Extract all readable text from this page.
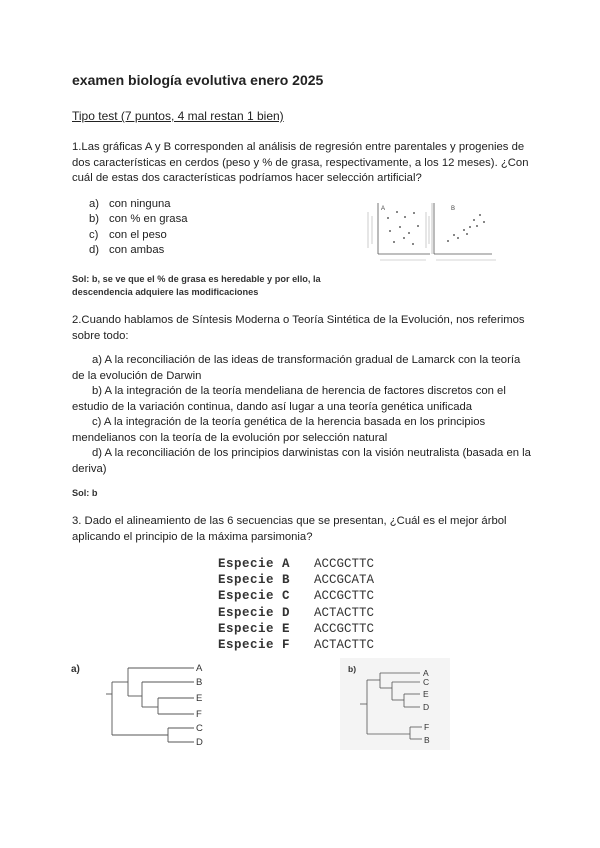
examen biología evolutiva enero 2025
Tipo test (7 puntos, 4 mal restan 1 bien)
1.Las gráficas A y B corresponden al análisis de regresión entre parentales y progenies de
dos características en cerdos (peso y % de grasa, respectivamente, a los 12 meses). ¿Con
cuál de estas dos características podríamos hacer selección artificial?
a) con ninguna
b) con % en grasa
c) con el peso
d) con ambas
A	B
Sol: b, se ve que el % de grasa es heredable y por ello, la
descendencia adquiere las modificaciones
2.Cuando hablamos de Síntesis Moderna o Teoría Sintética de la Evolución, nos referimos
sobre todo:
a) A la reconciliación de las ideas de transformación gradual de Lamarck con la teoría
de la evolución de Darwin
b) A la integración de la teoría mendeliana de herencia de factores discretos con el
estudio de la variación continua, dando así lugar a una teoría genética unificada
c) A la integración de la teoría genética de la herencia basada en los principios
mendelianos con la teoría de la evolución por selección natural
d) A la reconciliación de los principios darwinistas con la visión neutralista (basada en la
deriva)
Sol: b
3. Dado el alineamiento de las 6 secuencias que se presentan, ¿Cuál es el mejor árbol
aplicando el principio de la máxima parsimonia?
Especie A	ACCGCTTC
Especie B	ACCGCATA
Especie C	ACCGCTTC
Especie D	ACTACTTC
Especie E	ACCGCTTC
Especie F	ACTACTTC
a)	A
B
E
F
C
D
b)	A
C
E
D
F
B
